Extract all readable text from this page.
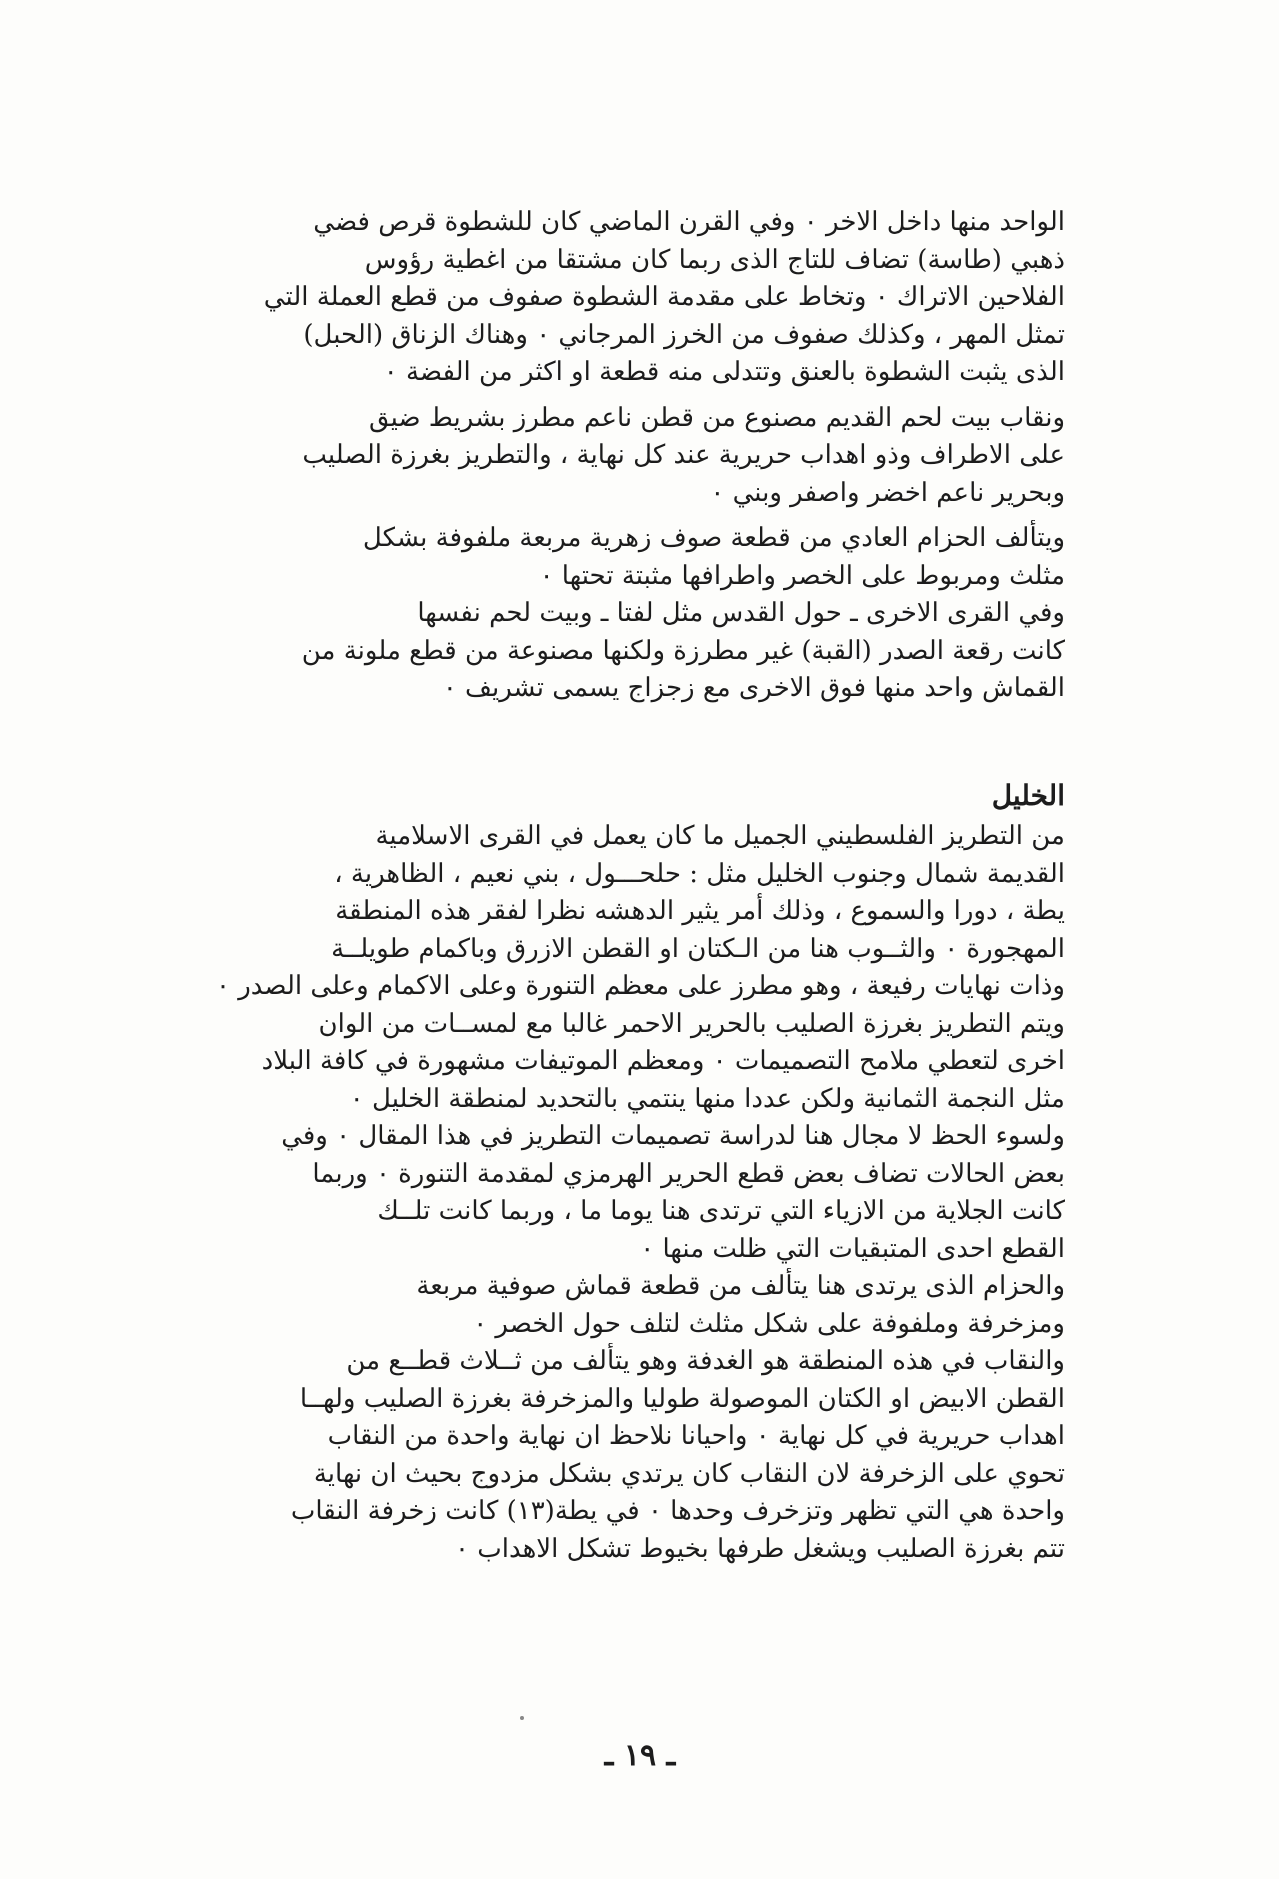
الواحد منها داخل الاخر ٠ وفي القرن الماضي كان للشطوة قرص فضي
ذهبي (طاسة) تضاف للتاج الذى ربما كان مشتقا من اغطية رؤوس
الفلاحين الاتراك ٠ وتخاط على مقدمة الشطوة صفوف من قطع العملة التي
تمثل المهر ، وكذلك صفوف من الخرز المرجاني ٠ وهناك الزناق (الحبل)
الذى يثبت الشطوة بالعنق وتتدلى منه قطعة او اكثر من الفضة ٠
ونقاب بيت لحم القديم مصنوع من قطن ناعم مطرز بشريط ضيق
على الاطراف وذو اهداب حريرية عند كل نهاية ، والتطريز بغرزة الصليب
وبحرير ناعم اخضر واصفر وبني ٠
ويتألف الحزام العادي من قطعة صوف زهرية مربعة ملفوفة بشكل
مثلث ومربوط على الخصر واطرافها مثبتة تحتها ٠
وفي القرى الاخرى ـ حول القدس مثل لفتا ـ وبيت لحم نفسها
كانت رقعة الصدر (القبة) غير مطرزة ولكنها مصنوعة من قطع ملونة من
القماش واحد منها فوق الاخرى مع زجزاج يسمى تشريف ٠
الخليل
من التطريز الفلسطيني الجميل ما كان يعمل في القرى الاسلامية
القديمة شمال وجنوب الخليل مثل : حلحـــول ، بني نعيم ، الظاهرية ،
يطة ، دورا والسموع ، وذلك أمر يثير الدهشه نظرا لفقر هذه المنطقة
المهجورة ٠ والثــوب هنا من الـكتان او القطن الازرق وباكمام طويلــة
وذات نهايات رفيعة ، وهو مطرز على معظم التنورة وعلى الاكمام وعلى الصدر ٠
ويتم التطريز بغرزة الصليب بالحرير الاحمر غالبا مع لمســات من الوان
اخرى لتعطي ملامح التصميمات ٠ ومعظم الموتيفات مشهورة في كافة البلاد
مثل النجمة الثمانية ولكن عددا منها ينتمي بالتحديد لمنطقة الخليل ٠
ولسوء الحظ لا مجال هنا لدراسة تصميمات التطريز في هذا المقال ٠ وفي
بعض الحالات تضاف بعض قطع الحرير الهرمزي لمقدمة التنورة ٠ وربما
كانت الجلاية من الازياء التي ترتدى هنا يوما ما ، وربما كانت تلــك
القطع احدى المتبقيات التي ظلت منها ٠
والحزام الذى يرتدى هنا يتألف من قطعة قماش صوفية مربعة
ومزخرفة وملفوفة على شكل مثلث لتلف حول الخصر ٠
والنقاب في هذه المنطقة هو الغدفة وهو يتألف من ثــلاث قطــع من
القطن الابيض او الكتان الموصولة طوليا والمزخرفة بغرزة الصليب ولهــا
اهداب حريرية في كل نهاية ٠ واحيانا نلاحظ ان نهاية واحدة من النقاب
تحوي على الزخرفة لان النقاب كان يرتدي بشكل مزدوج بحيث ان نهاية
واحدة هي التي تظهر وتزخرف وحدها ٠ في يطة(١٣) كانت زخرفة النقاب
تتم بغرزة الصليب ويشغل طرفها بخيوط تشكل الاهداب ٠
ـ ١٩ ـ
